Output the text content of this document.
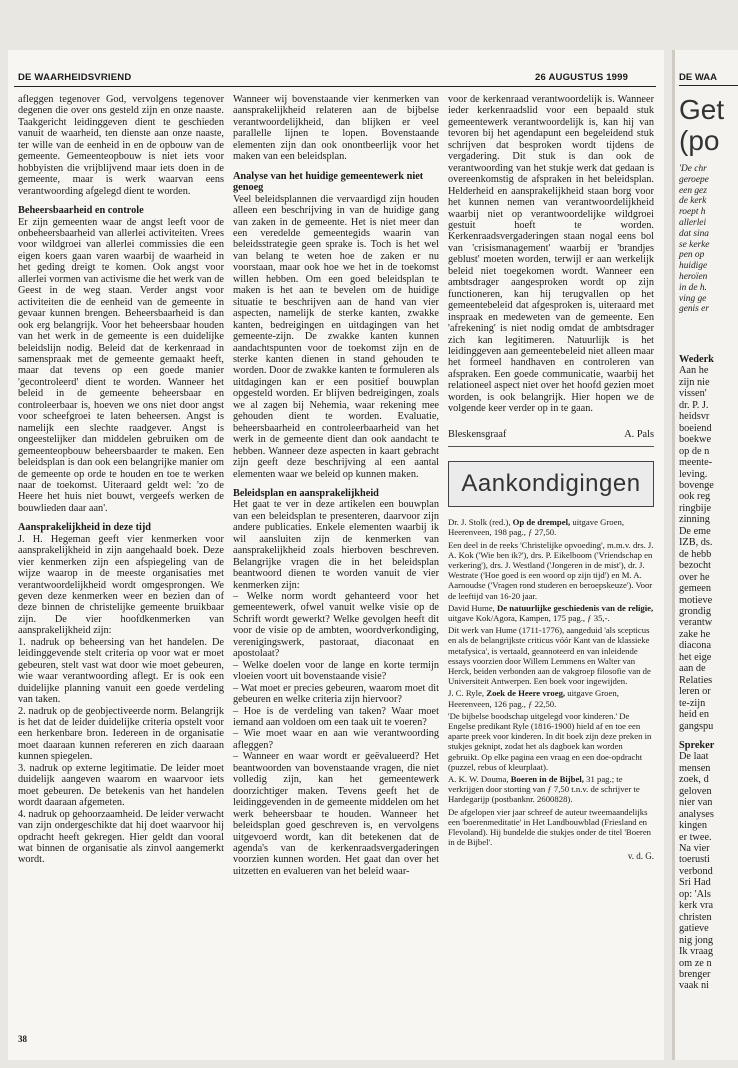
DE WAARHEIDSVRIEND	26 AUGUSTUS 1999

afleggen tegenover God, vervolgens tegenover degenen die over ons gesteld zijn en onze naaste. Taakgericht leidinggeven dient te geschieden vanuit de waarheid, ten dienste aan onze naaste, ter wille van de eenheid in en de opbouw van de gemeente. Gemeenteopbouw is niet iets voor hobbyisten die vrijblijvend maar iets doen in de gemeente, maar is werk waarvan eens verantwoording afgelegd dient te worden.

Beheersbaarheid en controle

Er zijn gemeenten waar de angst leeft voor de onbeheersbaarheid van allerlei activiteiten. Vrees voor wildgroei van allerlei commissies die een eigen koers gaan varen waarbij de waarheid in het geding dreigt te komen. Ook angst voor allerlei vormen van activisme die het werk van de Geest in de weg staan. Verder angst voor activiteiten die de eenheid van de gemeente in gevaar kunnen brengen. Beheersbaarheid is dan ook erg belangrijk. Voor het beheersbaar houden van het werk in de gemeente is een duidelijke beleidslijn nodig. Beleid dat de kerkenraad in samenspraak met de gemeente gemaakt heeft, maar dat tevens op een goede manier 'gecontroleerd' dient te worden. Wanneer het beleid in de gemeente beheersbaar en controleerbaar is, hoeven we ons niet door angst voor scheefgroei te laten beheersen. Angst is namelijk een slechte raadgever. Angst is ongeestelijker dan middelen gebruiken om de gemeenteopbouw beheersbaarder te maken. Een beleidsplan is dan ook een belangrijke manier om de gemeente op orde te houden en toe te werken naar de toekomst. Uiteraard geldt wel: 'zo de Heere het huis niet bouwt, vergeefs werken de bouwlieden daar aan'.

Aansprakelijkheid in deze tijd

J. H. Hegeman geeft vier kenmerken voor aansprakelijkheid in zijn aangehaald boek. Deze vier kenmerken zijn een afspiegeling van de wijze waarop in de meeste organisaties met verantwoordelijkheid wordt omgesprongen. We geven deze kenmerken weer en bezien dan of deze binnen de christelijke gemeente bruikbaar zijn. De vier hoofdkenmerken van aansprakelijkheid zijn:

1. nadruk op beheersing van het handelen. De leidinggevende stelt criteria op voor wat er moet gebeuren, stelt vast wat door wie moet gebeuren, wie waar verantwoording aflegt. Er is ook een duidelijke planning vanuit een goede verdeling van taken.

2. nadruk op de geobjectiveerde norm. Belangrijk is het dat de leider duidelijke criteria opstelt voor een herkenbare bron. Iedereen in de organisatie moet daaraan kunnen refereren en zich daaraan kunnen spiegelen.

3. nadruk op externe legitimatie. De leider moet duidelijk aangeven waarom en waarvoor iets moet gebeuren. De betekenis van het handelen wordt daaraan afgemeten.

4. nadruk op gehoorzaamheid. De leider verwacht van zijn ondergeschikte dat hij doet waarvoor hij opdracht heeft gekregen. Hier geldt dan vooral wat binnen de organisatie als zinvol aangemerkt wordt.

Wanneer wij bovenstaande vier kenmerken van aansprakelijkheid relateren aan de bijbelse verantwoordelijkheid, dan blijken er veel parallelle lijnen te lopen. Bovenstaande elementen zijn dan ook onontbeerlijk voor het maken van een beleidsplan.

Analyse van het huidige gemeentewerk niet genoeg

Veel beleidsplannen die vervaardigd zijn houden alleen een beschrijving in van de huidige gang van zaken in de gemeente. Het is niet meer dan een veredelde gemeentegids waarin van beleidsstrategie geen sprake is. Toch is het wel van belang te weten hoe de zaken er nu voorstaan, maar ook hoe we het in de toekomst willen hebben. Om een goed beleidsplan te maken is het aan te bevelen om de huidige situatie te beschrijven aan de hand van vier aspecten, namelijk de sterke kanten, zwakke kanten, bedreigingen en uitdagingen van het gemeente-zijn. De zwakke kanten kunnen aandachtspunten voor de toekomst zijn en de sterke kanten dienen in stand gehouden te worden. Door de zwakke kanten te formuleren als uitdagingen kan er een positief bouwplan opgesteld worden. Er blijven bedreigingen, zoals we al zagen bij Nehemia, waar rekening mee gehouden dient te worden. Evaluatie, beheersbaarheid en controleerbaarheid van het werk in de gemeente dient dan ook aandacht te hebben. Wanneer deze aspecten in kaart gebracht zijn geeft deze beschrijving al een aantal elementen waar we beleid op kunnen maken.

Beleidsplan en aansprakelijkheid

Het gaat te ver in deze artikelen een bouwplan van een beleidsplan te presenteren, daarvoor zijn andere publicaties. Enkele elementen waarbij ik wil aansluiten zijn de kenmerken van aansprakelijkheid zoals hierboven beschreven. Belangrijke vragen die in het beleidsplan beantwoord dienen te worden vanuit de vier kenmerken zijn:

– Welke norm wordt gehanteerd voor het gemeentewerk, ofwel vanuit welke visie op de Schrift wordt gewerkt? Welke gevolgen heeft dit voor de visie op de ambten, woordverkondiging, verenigingswerk, pastoraat, diaconaat en apostolaat?

– Welke doelen voor de lange en korte termijn vloeien voort uit bovenstaande visie?

– Wat moet er precies gebeuren, waarom moet dit gebeuren en welke criteria zijn hiervoor?

– Hoe is de verdeling van taken? Waar moet iemand aan voldoen om een taak uit te voeren?

– Wie moet waar en aan wie verantwoording afleggen?

– Wanneer en waar wordt er geëvalueerd? Het beantwoorden van bovenstaande vragen, die niet volledig zijn, kan het gemeentewerk doorzichtiger maken. Tevens geeft het de leidinggevenden in de gemeente middelen om het werk beheersbaar te houden. Wanneer het beleidsplan goed geschreven is, en vervolgens uitgevoerd wordt, kan dit betekenen dat de agenda's van de kerkenraadsvergaderingen voorzien kunnen worden. Het gaat dan over het uitzetten en evalueren van het beleid waar-

voor de kerkenraad verantwoordelijk is. Wanneer ieder kerkenraadslid voor een bepaald stuk gemeentewerk verantwoordelijk is, kan hij van tevoren bij het agendapunt een begeleidend stuk schrijven dat besproken wordt tijdens de vergadering. Dit stuk is dan ook de verantwoording van het stukje werk dat gedaan is overeenkomstig de afspraken in het beleidsplan. Helderheid en aansprakelijkheid staan borg voor het kunnen nemen van verantwoordelijkheid waarbij niet op verantwoordelijke wildgroei gestuit hoeft te worden. Kerkenraadsvergaderingen staan nogal eens bol van 'crisismanagement' waarbij er 'brandjes geblust' moeten worden, terwijl er aan werkelijk beleid niet toegekomen wordt. Wanneer een ambtsdrager aangesproken wordt op zijn functioneren, kan hij terugvallen op het gemeentebeleid dat afgesproken is, uiteraard met inspraak en medeweten van de gemeente. Een 'afrekening' is niet nodig omdat de ambtsdrager zich kan legitimeren. Natuurlijk is het leidinggeven aan gemeentebeleid niet alleen maar het formeel handhaven en controleren van afspraken. Een goede communicatie, waarbij het relationeel aspect niet over het hoofd gezien moet worden, is ook belangrijk. Hier hopen we de volgende keer verder op in te gaan.

Bleskensgraaf	A. Pals
Aankondigingen
Dr. J. Stolk (red.), Op de drempel, uitgave Groen, Heerenveen, 198 pag., ƒ 27,50.
Een deel in de reeks 'Christelijke opvoeding', m.m.v. drs. J. A. Kok ('Wie ben ik?'), drs. P. Eikelboom ('Vriendschap en verkering'), drs. J. Westland ('Jongeren in de mist'), dr. J. Westrate ('Hoe goed is een woord op zijn tijd') en M. A. Aarnoudse ('Vragen rond studeren en beroepskeuze'). Voor de leeftijd van 16-20 jaar.
David Hume, De natuurlijke geschiedenis van de religie, uitgave Kok/Agora, Kampen, 175 pag., ƒ 35,-.
Dit werk van Hume (1711-1776), aangeduid 'als scepticus en als de belangrijkste criticus vóór Kant van de klassieke metafysica', is vertaald, geannoteerd en van inleidende essays voorzien door Willem Lemmens en Walter van Herck, beiden verbonden aan de vakgroep filosofie van de Universiteit Antwerpen. Een boek voor ingewijden.
J. C. Ryle, Zoek de Heere vroeg, uitgave Groen, Heerenveen, 126 pag., ƒ 22,50.
'De bijbelse boodschap uitgelegd voor kinderen.' De Engelse predikant Ryle (1816-1900) hield af en toe een aparte preek voor kinderen. In dit boek zijn deze preken in stukjes geknipt, zodat het als dagboek kan worden gebruikt. Op elke pagina een vraag en een doe-opdracht (puzzel, rebus of kleurplaat).
A. K. W. Douma, Boeren in de Bijbel, 31 pag.; te verkrijgen door storting van ƒ 7,50 t.n.v. de schrijver te Hardegarijp (postbanknr. 2600828).
De afgelopen vier jaar schreef de auteur tweemaandelijks een 'boerenmeditatie' in Het Landbouwblad (Friesland en Flevoland). Hij bundelde die stukjes onder de titel 'Boeren in de Bijbel'.
v. d. G.
38
DE WAA
Get
(po
'De chr
geroepe
een gez
de kerk
roept h
allerlei
dat sina
se kerke
pen op
huidige
heroïen
in de h.
ving ge
genis er

Wederk

Aan he

zijn nie

vissen'

dr. P. J.

heidsvr

boeiend

boekwe

op de n

meente-

leving.

bovenge

ook reg

ringbije

zinning

De eme

IZB, ds.

de hebb

bezocht

over he

gemeen

motieve

grondig

verantw

zake he

diacona

het eige

aan de

Relaties

leren or

te-zijn

heid en

gangspu

Spreker

De laat

mensen

zoek, d

geloven

nier van

analyses

kingen

er twee.

Na vier

toerusti

verbond

Sri Had

op: 'Als

kerk vra

christen

gatieve

nig jong

Ik vraag

om ze n

brenger

vaak ni
